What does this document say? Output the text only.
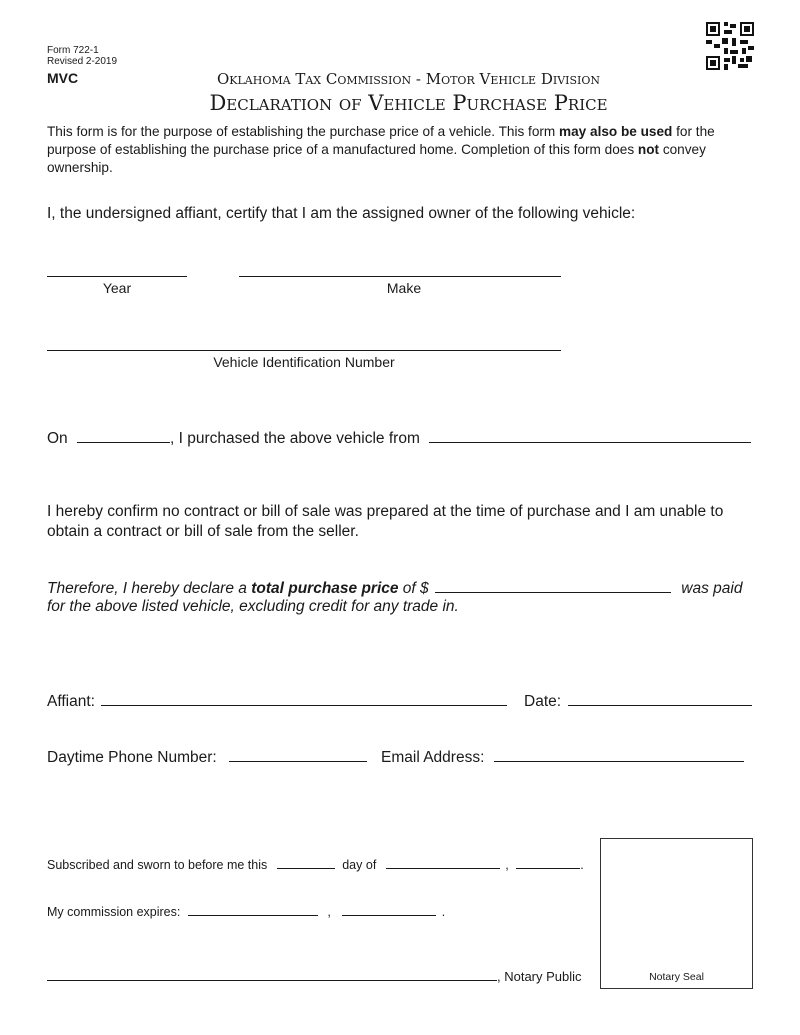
Form 722-1
Revised 2-2019
MVC	Oklahoma Tax Commission - Motor Vehicle Division
Declaration of Vehicle Purchase Price
This form is for the purpose of establishing the purchase price of a vehicle. This form may also be used for the purpose of establishing the purchase price of a manufactured home. Completion of this form does not convey ownership.
I, the undersigned affiant, certify that I am the assigned owner of the following vehicle:
Year	Make
Vehicle Identification Number
On	, I purchased the above vehicle from
I hereby confirm no contract or bill of sale was prepared at the time of purchase and I am unable to obtain a contract or bill of sale from the seller.
Therefore, I hereby declare a total purchase price of $	was paid
for the above listed vehicle, excluding credit for any trade in.
Affiant:	Date:
Daytime Phone Number:	Email Address:
Subscribed and sworn to before me this	day of	,	.
My commission expires:	,	.
, Notary Public	Notary Seal
